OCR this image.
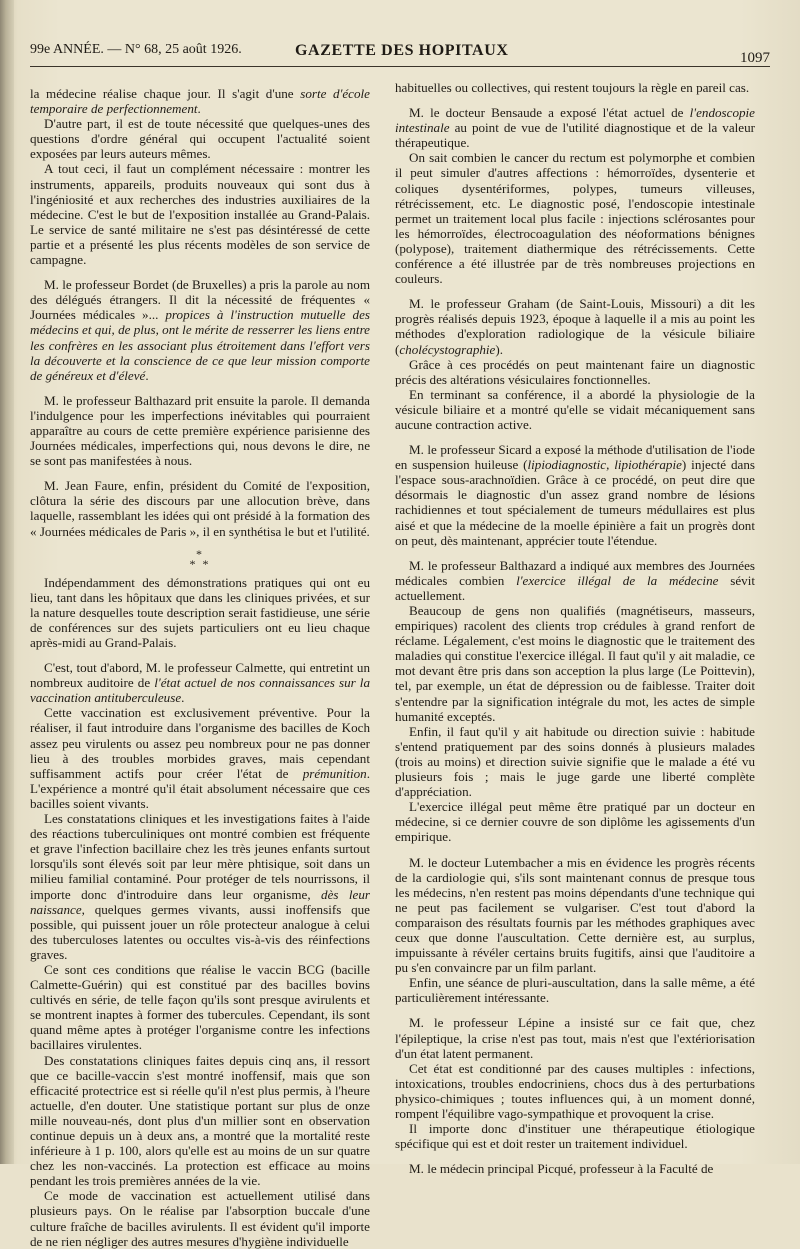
99e ANNÉE. — N° 68, 25 août 1926.	GAZETTE DES HOPITAUX	1097

la médecine réalise chaque jour. Il s'agit d'une sorte d'école temporaire de perfectionnement.

D'autre part, il est de toute nécessité que quelques-unes des questions d'ordre général qui occupent l'actualité soient exposées par leurs auteurs mêmes.

A tout ceci, il faut un complément nécessaire : montrer les instruments, appareils, produits nouveaux qui sont dus à l'ingéniosité et aux recherches des industries auxiliaires de la médecine. C'est le but de l'exposition installée au Grand-Palais. Le service de santé militaire ne s'est pas désintéressé de cette partie et a présenté les plus récents modèles de son service de campagne.

M. le professeur Bordet (de Bruxelles) a pris la parole au nom des délégués étrangers. Il dit la nécessité de fréquentes « Journées médicales »... propices à l'instruction mutuelle des médecins et qui, de plus, ont le mérite de resserrer les liens entre les confrères en les associant plus étroitement dans l'effort vers la découverte et la conscience de ce que leur mission comporte de généreux et d'élevé.

M. le professeur Balthazard prit ensuite la parole. Il demanda l'indulgence pour les imperfections inévitables qui pourraient apparaître au cours de cette première expérience parisienne des Journées médicales, imperfections qui, nous devons le dire, ne se sont pas manifestées à nous.

M. Jean Faure, enfin, président du Comité de l'exposition, clôtura la série des discours par une allocution brève, dans laquelle, rassemblant les idées qui ont présidé à la formation des « Journées médicales de Paris », il en synthétisa le but et l'utilité.

*
* *

Indépendamment des démonstrations pratiques qui ont eu lieu, tant dans les hôpitaux que dans les cliniques privées, et sur la nature desquelles toute description serait fastidieuse, une série de conférences sur des sujets particuliers ont eu lieu chaque après-midi au Grand-Palais.

C'est, tout d'abord, M. le professeur Calmette, qui entretint un nombreux auditoire de l'état actuel de nos connaissances sur la vaccination antituberculeuse.

Cette vaccination est exclusivement préventive. Pour la réaliser, il faut introduire dans l'organisme des bacilles de Koch assez peu virulents ou assez peu nombreux pour ne pas donner lieu à des troubles morbides graves, mais cependant suffisamment actifs pour créer l'état de prémunition. L'expérience a montré qu'il était absolument nécessaire que ces bacilles soient vivants.

Les constatations cliniques et les investigations faites à l'aide des réactions tuberculiniques ont montré combien est fréquente et grave l'infection bacillaire chez les très jeunes enfants surtout lorsqu'ils sont élevés soit par leur mère phtisique, soit dans un milieu familial contaminé. Pour protéger de tels nourrissons, il importe donc d'introduire dans leur organisme, dès leur naissance, quelques germes vivants, aussi inoffensifs que possible, qui puissent jouer un rôle protecteur analogue à celui des tuberculoses latentes ou occultes vis-à-vis des réinfections graves.

Ce sont ces conditions que réalise le vaccin BCG (bacille Calmette-Guérin) qui est constitué par des bacilles bovins cultivés en série, de telle façon qu'ils sont presque avirulents et se montrent inaptes à former des tubercules. Cependant, ils sont quand même aptes à protéger l'organisme contre les infections bacillaires virulentes.

Des constatations cliniques faites depuis cinq ans, il ressort que ce bacille-vaccin s'est montré inoffensif, mais que son efficacité protectrice est si réelle qu'il n'est plus permis, à l'heure actuelle, d'en douter. Une statistique portant sur plus de onze mille nouveau-nés, dont plus d'un millier sont en observation continue depuis un à deux ans, a montré que la mortalité reste inférieure à 1 p. 100, alors qu'elle est au moins de un sur quatre chez les non-vaccinés. La protection est efficace au moins pendant les trois premières années de la vie.

Ce mode de vaccination est actuellement utilisé dans plusieurs pays. On le réalise par l'absorption buccale d'une culture fraîche de bacilles avirulents. Il est évident qu'il importe de ne rien négliger des autres mesures d'hygiène individuelle

habituelles ou collectives, qui restent toujours la règle en pareil cas.

M. le docteur Bensaude a exposé l'état actuel de l'endoscopie intestinale au point de vue de l'utilité diagnostique et de la valeur thérapeutique.

On sait combien le cancer du rectum est polymorphe et combien il peut simuler d'autres affections : hémorroïdes, dysenterie et coliques dysentériformes, polypes, tumeurs villeuses, rétrécissement, etc. Le diagnostic posé, l'endoscopie intestinale permet un traitement local plus facile : injections sclérosantes pour les hémorroïdes, électrocoagulation des néoformations bénignes (polypose), traitement diathermique des rétrécissements. Cette conférence a été illustrée par de très nombreuses projections en couleurs.

M. le professeur Graham (de Saint-Louis, Missouri) a dit les progrès réalisés depuis 1923, époque à laquelle il a mis au point les méthodes d'exploration radiologique de la vésicule biliaire (cholécystographie).

Grâce à ces procédés on peut maintenant faire un diagnostic précis des altérations vésiculaires fonctionnelles.

En terminant sa conférence, il a abordé la physiologie de la vésicule biliaire et a montré qu'elle se vidait mécaniquement sans aucune contraction active.

M. le professeur Sicard a exposé la méthode d'utilisation de l'iode en suspension huileuse (lipiodiagnostic, lipiothérapie) injecté dans l'espace sous-arachnoïdien. Grâce à ce procédé, on peut dire que désormais le diagnostic d'un assez grand nombre de lésions rachidiennes et tout spécialement de tumeurs médullaires est plus aisé et que la médecine de la moelle épinière a fait un progrès dont on peut, dès maintenant, apprécier toute l'étendue.

M. le professeur Balthazard a indiqué aux membres des Journées médicales combien l'exercice illégal de la médecine sévit actuellement.

Beaucoup de gens non qualifiés (magnétiseurs, masseurs, empiriques) racolent des clients trop crédules à grand renfort de réclame. Légalement, c'est moins le diagnostic que le traitement des maladies qui constitue l'exercice illégal. Il faut qu'il y ait maladie, ce mot devant être pris dans son acception la plus large (Le Poittevin), tel, par exemple, un état de dépression ou de faiblesse. Traiter doit s'entendre par la signification intégrale du mot, les actes de simple humanité exceptés.

Enfin, il faut qu'il y ait habitude ou direction suivie : habitude s'entend pratiquement par des soins donnés à plusieurs malades (trois au moins) et direction suivie signifie que le malade a été vu plusieurs fois ; mais le juge garde une liberté complète d'appréciation.

L'exercice illégal peut même être pratiqué par un docteur en médecine, si ce dernier couvre de son diplôme les agissements d'un empirique.

M. le docteur Lutembacher a mis en évidence les progrès récents de la cardiologie qui, s'ils sont maintenant connus de presque tous les médecins, n'en restent pas moins dépendants d'une technique qui ne peut pas facilement se vulgariser. C'est tout d'abord la comparaison des résultats fournis par les méthodes graphiques avec ceux que donne l'auscultation. Cette dernière est, au surplus, impuissante à révéler certains bruits fugitifs, ainsi que l'auditoire a pu s'en convaincre par un film parlant.

Enfin, une séance de pluri-auscultation, dans la salle même, a été particulièrement intéressante.

M. le professeur Lépine a insisté sur ce fait que, chez l'épileptique, la crise n'est pas tout, mais n'est que l'extériorisation d'un état latent permanent.

Cet état est conditionné par des causes multiples : infections, intoxications, troubles endocriniens, chocs dus à des perturbations physico-chimiques ; toutes influences qui, à un moment donné, rompent l'équilibre vago-sympathique et provoquent la crise.

Il importe donc d'instituer une thérapeutique étiologique spécifique qui est et doit rester un traitement individuel.

M. le médecin principal Picqué, professeur à la Faculté de
